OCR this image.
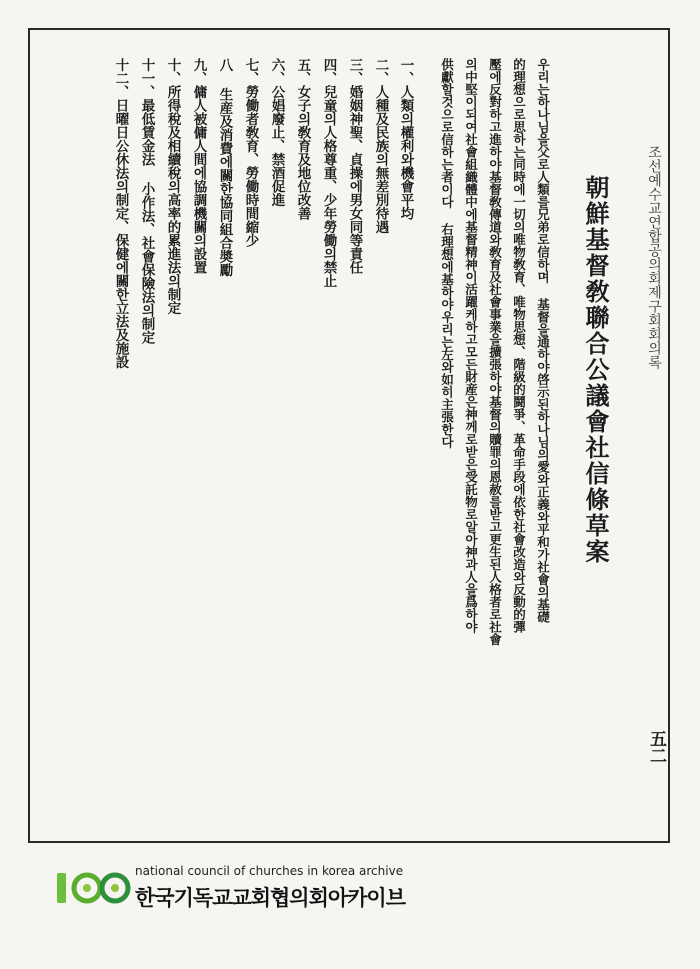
조선예수교연합공의회제구회회의록
五二
朝鮮基督敎聯合公議會社信條草案
우리는하나님을父로人類를兄弟로信하며 基督을通하야啓示된하나님의愛와正義와平和가社會의基礎
的理想으로思하는同時에一切의唯物敎育、唯物思想、階級的鬪爭、革命手段에依한社會改造와反動的彈
壓에反對하고進하야基督敎傳道와敎育及社會事業을擴張하야基督의贖罪의恩赦를받고更生된人格者로社會
의中堅이되여社會組織體中에基督精神이活躍케하고모든財産은神께로받은受託物로알아神과人을爲하야
供獻할것으로信하는者이다 右理想에基하야우리는左와如히主張한다
一、人類의權利와機會平均
二、人種及民族의無差別待遇
三、婚姻神聖、貞操에男女同等責任
四、兒童의人格尊重、少年勞働의禁止
五、女子의敎育及地位改善
六、公娼廢止、禁酒促進
七、勞働者敎育、勞働時間縮少
八 生産及消費에關한協同組合奬勵
九、傭人被傭人間에協調機關의設置
十、所得稅及相續稅의高率的累進法의制定
十一、最低賃金法 小作法、社會保險法의制定
十二、日曜日公休法의制定、保健에關한立法及施設
national council of churches in korea archive
한국기독교교회협의회아카이브
